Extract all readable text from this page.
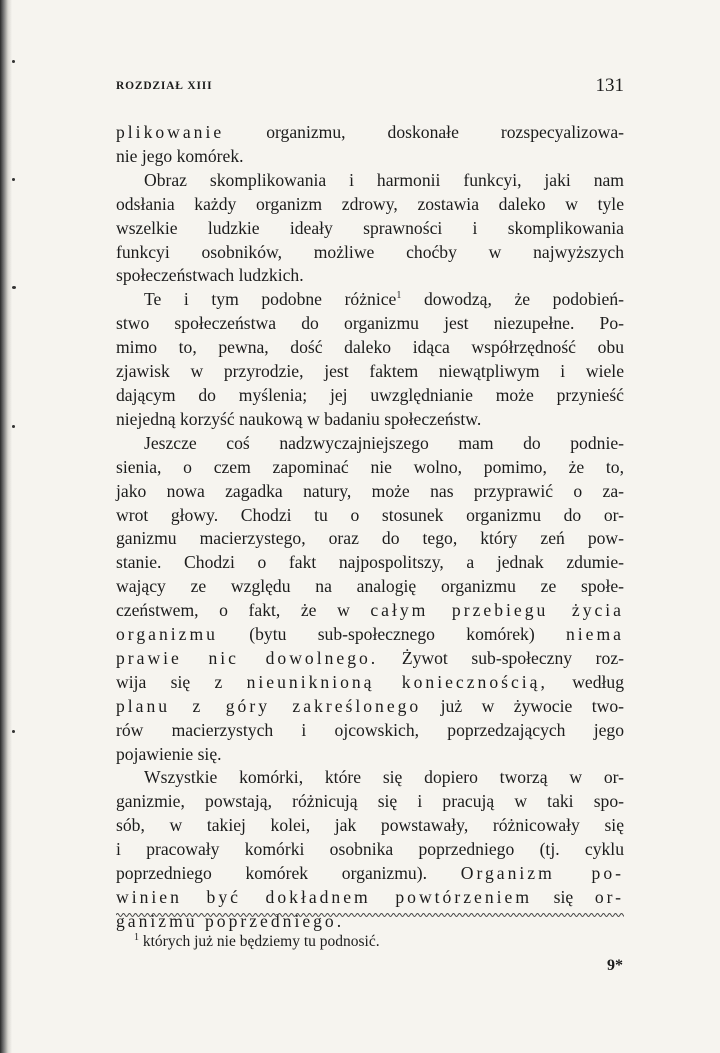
ROZDZIAŁ XIII	131
plikowanie organizmu, doskonałe rozspecyalizowa-
nie jego komórek.
Obraz skomplikowania i harmonii funkcyi, jaki nam
odsłania każdy organizm zdrowy, zostawia daleko w tyle
wszelkie ludzkie ideały sprawności i skomplikowania
funkcyi osobników, możliwe choćby w najwyższych
społeczeństwach ludzkich.
Te i tym podobne różnice$^1$ dowodzą, że podobień-
stwo społeczeństwa do organizmu jest niezupełne. Po-
mimo to, pewna, dość daleko idąca współrzędność obu
zjawisk w przyrodzie, jest faktem niewątpliwym i wiele
dającym do myślenia; jej uwzględnianie może przynieść
niejedną korzyść naukową w badaniu społeczeństw.
Jeszcze coś nadzwyczajniejszego mam do podnie-
sienia, o czem zapominać nie wolno, pomimo, że to,
jako nowa zagadka natury, może nas przyprawić o za-
wrot głowy. Chodzi tu o stosunek organizmu do or-
ganizmu macierzystego, oraz do tego, który zeń pow-
stanie. Chodzi o fakt najpospolitszy, a jednak zdumie-
wający ze względu na analogię organizmu ze społe-
czeństwem, o fakt, że w całym przebiegu życia
organizmu (bytu sub-społecznego komórek) niema
prawie nic dowolnego. Żywot sub-społeczny roz-
wija się z nieuniknioną koniecznością, według
planu z góry zakreślonego już w żywocie two-
rów macierzystych i ojcowskich, poprzedzających jego
pojawienie się.
Wszystkie komórki, które się dopiero tworzą w or-
ganizmie, powstają, różnicują się i pracują w taki spo-
sób, w takiej kolei, jak powstawały, różnicowały się
i pracowały komórki osobnika poprzedniego (tj. cyklu
poprzedniego komórek organizmu). Organizm po-
winien być dokładnem powtórzeniem się or-
ganizmu poprzedniego.
$^1$ których już nie będziemy tu podnosić.
9*
